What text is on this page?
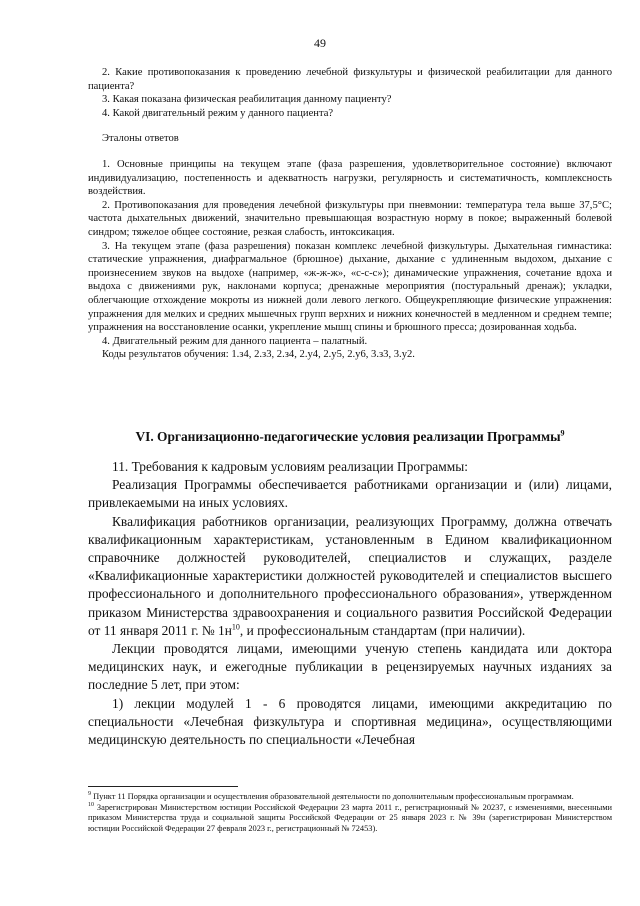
49

2. Какие противопоказания к проведению лечебной физкультуры и физической реабилитации для данного пациента?

3. Какая показана физическая реабилитация данному пациенту?

4. Какой двигательный режим у данного пациента?

Эталоны ответов

1. Основные принципы на текущем этапе (фаза разрешения, удовлетворительное состояние) включают индивидуализацию, постепенность и адекватность нагрузки, регулярность и систематичность, комплексность воздействия.

2. Противопоказания для проведения лечебной физкультуры при пневмонии: температура тела выше 37,5°С; частота дыхательных движений, значительно превышающая возрастную норму в покое; выраженный болевой синдром; тяжелое общее состояние, резкая слабость, интоксикация.

3. На текущем этапе (фаза разрешения) показан комплекс лечебной физкультуры. Дыхательная гимнастика: статические упражнения, диафрагмальное (брюшное) дыхание, дыхание с удлиненным выдохом, дыхание с произнесением звуков на выдохе (например, «ж-ж-ж», «с-с-с»); динамические упражнения, сочетание вдоха и выдоха с движениями рук, наклонами корпуса; дренажные мероприятия (постуральный дренаж); укладки, облегчающие отхождение мокроты из нижней доли левого легкого. Общеукрепляющие физические упражнения: упражнения для мелких и средних мышечных групп верхних и нижних конечностей в медленном и среднем темпе; упражнения на восстановление осанки, укрепление мышц спины и брюшного пресса; дозированная ходьба.

4. Двигательный режим для данного пациента – палатный.

Коды результатов обучения: 1.з4, 2.з3, 2.з4, 2.у4, 2.у5, 2.у6, 3.з3, 3.у2.

VI. Организационно-педагогические условия реализации Программы$^9$

11. Требования к кадровым условиям реализации Программы:

Реализация Программы обеспечивается работниками организации и (или) лицами, привлекаемыми на иных условиях.

Квалификация работников организации, реализующих Программу, должна отвечать квалификационным характеристикам, установленным в Едином квалификационном справочнике должностей руководителей, специалистов и служащих, разделе «Квалификационные характеристики должностей руководителей и специалистов высшего профессионального и дополнительного профессионального образования», утвержденном приказом Министерства здравоохранения и социального развития Российской Федерации от 11 января 2011 г. № $1н^{10}$, и профессиональным стандартам (при наличии).

Лекции проводятся лицами, имеющими ученую степень кандидата или доктора медицинских наук, и ежегодные публикации в рецензируемых научных изданиях за последние 5 лет, при этом:

1) лекции модулей 1 - 6 проводятся лицами, имеющими аккредитацию по специальности «Лечебная физкультура и спортивная медицина», осуществляющими медицинскую деятельность по специальности «Лечебная

$^9$ Пункт 11 Порядка организации и осуществления образовательной деятельности по дополнительным профессиональным программам.

$^{10}$ Зарегистрирован Министерством юстиции Российской Федерации 23 марта 2011 г., регистрационный № 20237, с изменениями, внесенными приказом Министерства труда и социальной защиты Российской Федерации от 25 января 2023 г. № 39н (зарегистрирован Министерством юстиции Российской Федерации 27 февраля 2023 г., регистрационный № 72453).
